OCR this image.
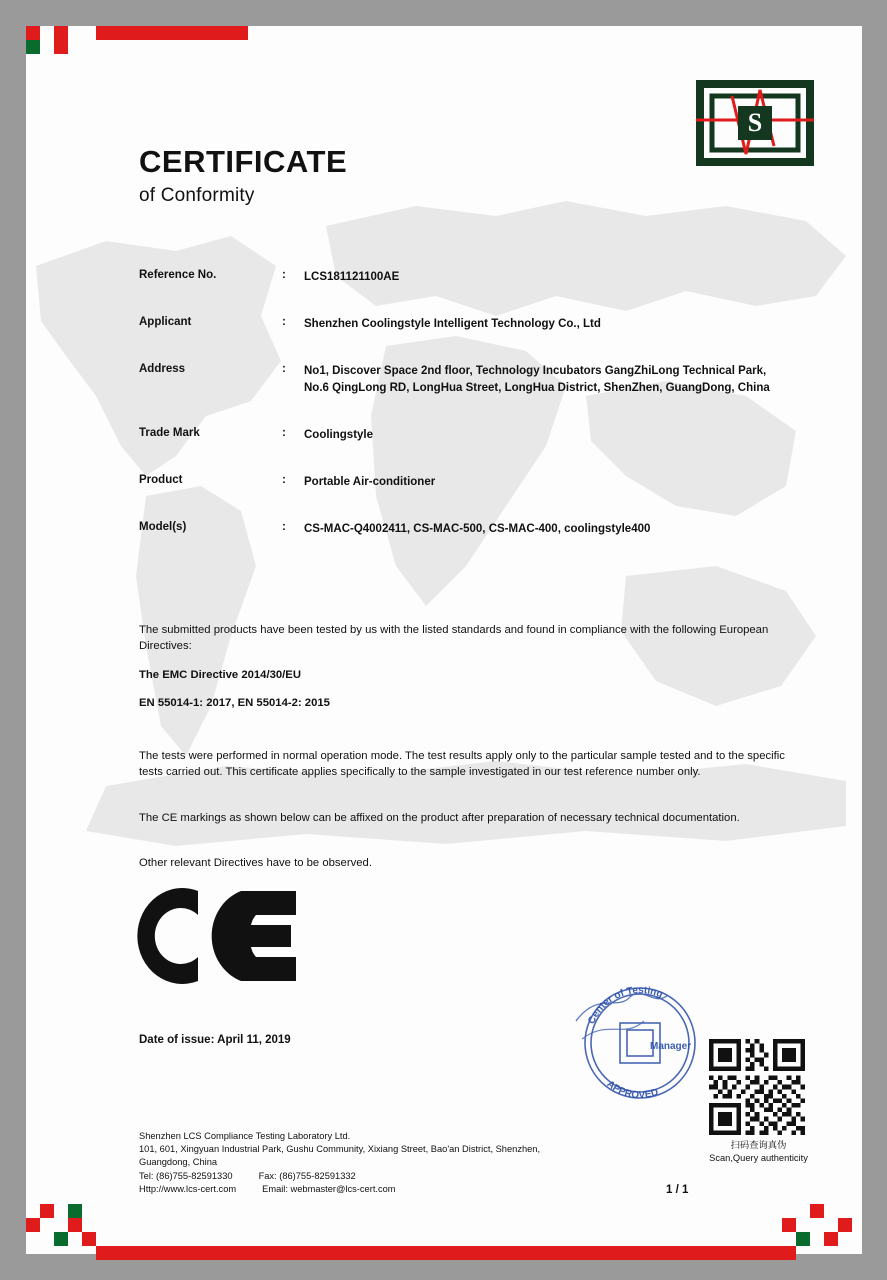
S
CERTIFICATE
of Conformity
Reference No.	:	LCS181121100AE
Applicant	:	Shenzhen Coolingstyle Intelligent Technology Co., Ltd
Address	:	No1, Discover Space 2nd floor, Technology Incubators GangZhiLong Technical Park, No.6 QingLong RD, LongHua Street, LongHua District, ShenZhen, GuangDong, China
Trade Mark	:	Coolingstyle
Product	:	Portable Air-conditioner
Model(s)	:	CS-MAC-Q4002411, CS-MAC-500, CS-MAC-400, coolingstyle400
The submitted products have been tested by us with the listed standards and found in compliance with the following European Directives:
The EMC Directive 2014/30/EU
EN 55014-1: 2017, EN 55014-2: 2015
The tests were performed in normal operation mode. The test results apply only to the particular sample tested and to the specific tests carried out. This certificate applies specifically to the sample investigated in our test reference number only.
The CE markings as shown below can be affixed on the product after preparation of necessary technical documentation.
Other relevant Directives have to be observed.
Date of issue: April 11, 2019
Center of Testing
APPROVED
Manager
扫码查询真伪
Scan,Query authenticity
Shenzhen LCS Compliance Testing Laboratory Ltd.
101, 601, Xingyuan Industrial Park, Gushu Community, Xixiang Street, Bao'an District, Shenzhen,
Guangdong, China
Tel: (86)755-82591330	Fax: (86)755-82591332
Http://www.lcs-cert.com	Email: webmaster@lcs-cert.com	1 / 1
